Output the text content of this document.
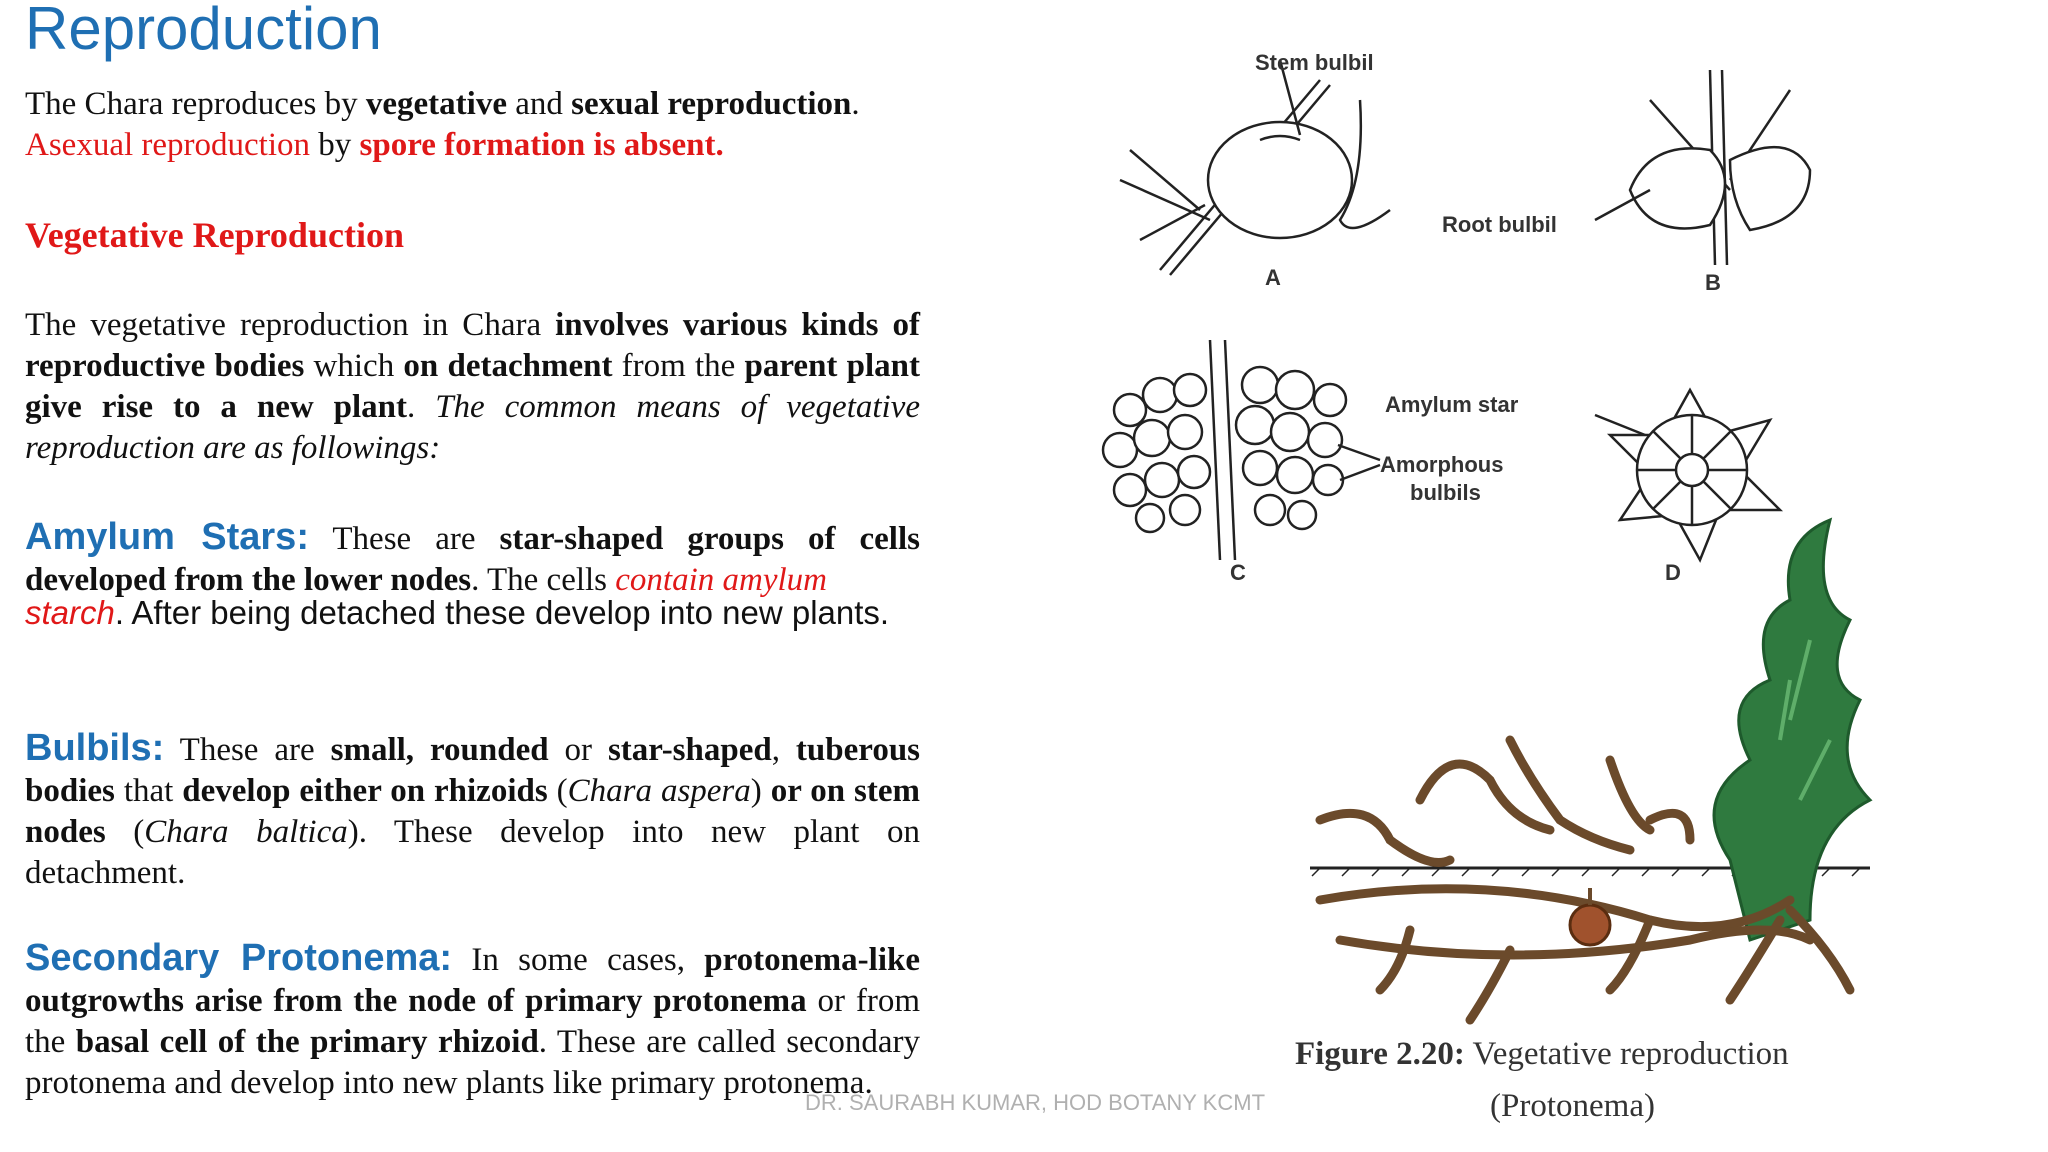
Reproduction
The Chara reproduces by vegetative and sexual reproduction.
Asexual reproduction by spore formation is absent.
Vegetative Reproduction
The vegetative reproduction in Chara involves various kinds of reproductive bodies which on detachment from the parent plant give rise to a new plant. The common means of vegetative reproduction are as followings:
Amylum Stars: These are star-shaped groups of cells developed from the lower nodes. The cells contain amylum
starch. After being detached these develop into new plants.
Bulbils: These are small, rounded or star-shaped, tuberous bodies that develop either on rhizoids (Chara aspera) or on stem nodes (Chara baltica). These develop into new plant on detachment.
Secondary Protonema: In some cases, protonema-like outgrowths arise from the node of primary protonema or from the basal cell of the primary rhizoid. These are called secondary protonema and develop into new plants like primary protonema.
DR. SAURABH KUMAR, HOD BOTANY KCMT
Stem bulbil
A
Root bulbil
B
C
Amorphous
bulbils
Amylum star
D
Figure 2.20: Vegetative reproduction
(Protonema)
